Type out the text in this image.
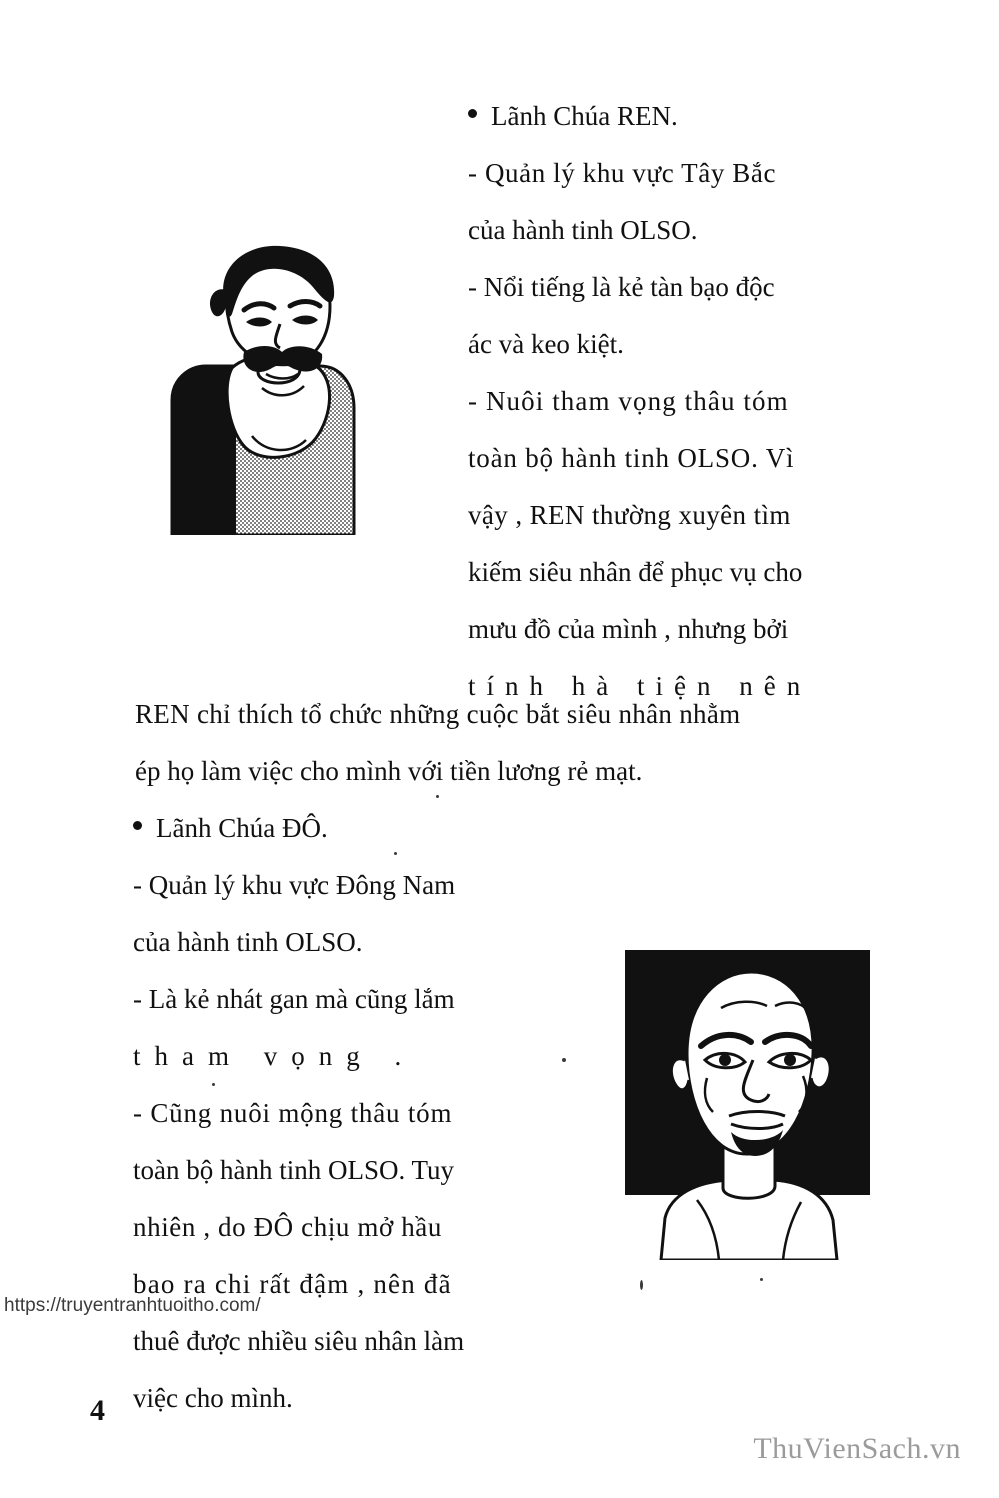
Lãnh Chúa REN.
- Quản lý khu vực Tây Bắc
của hành tinh OLSO.
- Nổi tiếng là kẻ tàn bạo độc
ác và keo kiệt.
- Nuôi tham vọng thâu tóm
toàn bộ hành tinh OLSO. Vì
vậy , REN thường xuyên tìm
kiếm siêu nhân để phục vụ cho
mưu đồ của mình , nhưng bởi
tính hà tiện nên
REN chỉ thích tổ chức những cuộc bắt siêu nhân nhằm
ép họ làm việc cho mình với tiền lương rẻ mạt.
Lãnh Chúa ĐÔ.
- Quản lý khu vực Đông Nam
của hành tinh OLSO.
- Là kẻ nhát gan mà cũng lắm
tham vọng .
- Cũng nuôi mộng thâu tóm
toàn bộ hành tinh OLSO. Tuy
nhiên , do ĐÔ chịu mở hầu
bao ra chi rất đậm , nên đã
thuê được nhiều siêu nhân làm
việc cho mình.
4
https://truyentranhtuoitho.com/
ThuVienSach.vn
